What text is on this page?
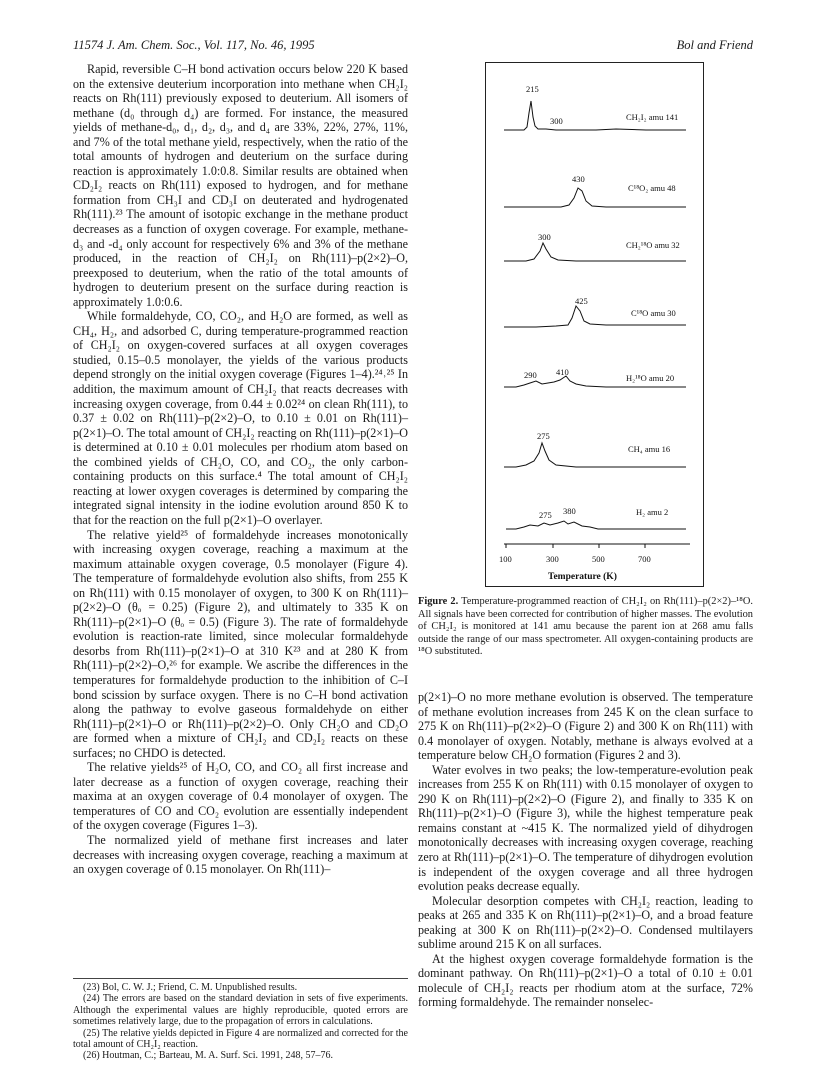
11574 J. Am. Chem. Soc., Vol. 117, No. 46, 1995	Bol and Friend

Rapid, reversible C–H bond activation occurs below 220 K based on the extensive deuterium incorporation into methane when CH₂I₂ reacts on Rh(111) previously exposed to deuterium. All isomers of methane (d₀ through d₄) are formed. For instance, the measured yields of methane-d₀, d₁, d₂, d₃, and d₄ are 33%, 22%, 27%, 11%, and 7% of the total methane yield, respectively, when the ratio of the total amounts of hydrogen and deuterium on the surface during reaction is approximately 1.0:0.8. Similar results are obtained when CD₂I₂ reacts on Rh(111) exposed to hydrogen, and for methane formation from CH₃I and CD₃I on deuterated and hydrogenated Rh(111).²³ The amount of isotopic exchange in the methane product decreases as a function of oxygen coverage. For example, methane-d₃ and -d₄ only account for respectively 6% and 3% of the methane produced, in the reaction of CH₂I₂ on Rh(111)–p(2×2)–O, preexposed to deuterium, when the ratio of the total amounts of hydrogen to deuterium present on the surface during reaction is approximately 1.0:0.6.

While formaldehyde, CO, CO₂, and H₂O are formed, as well as CH₄, H₂, and adsorbed C, during temperature-programmed reaction of CH₂I₂ on oxygen-covered surfaces at all oxygen coverages studied, 0.15–0.5 monolayer, the yields of the various products depend strongly on the initial oxygen coverage (Figures 1–4).²⁴˒²⁵ In addition, the maximum amount of CH₂I₂ that reacts decreases with increasing oxygen coverage, from 0.44 ± 0.02²⁴ on clean Rh(111), to 0.37 ± 0.02 on Rh(111)–p(2×2)–O, to 0.10 ± 0.01 on Rh(111)–p(2×1)–O. The total amount of CH₂I₂ reacting on Rh(111)–p(2×1)–O is determined at 0.10 ± 0.01 molecules per rhodium atom based on the combined yields of CH₂O, CO, and CO₂, the only carbon-containing products on this surface.⁴ The total amount of CH₂I₂ reacting at lower oxygen coverages is determined by comparing the integrated signal intensity in the iodine evolution around 850 K to that for the reaction on the full p(2×1)–O overlayer.

The relative yield²⁵ of formaldehyde increases monotonically with increasing oxygen coverage, reaching a maximum at the maximum attainable oxygen coverage, 0.5 monolayer (Figure 4). The temperature of formaldehyde evolution also shifts, from 255 K on Rh(111) with 0.15 monolayer of oxygen, to 300 K on Rh(111)–p(2×2)–O (θₒ = 0.25) (Figure 2), and ultimately to 335 K on Rh(111)–p(2×1)–O (θₒ = 0.5) (Figure 3). The rate of formaldehyde evolution is reaction-rate limited, since molecular formaldehyde desorbs from Rh(111)–p(2×1)–O at 310 K²³ and at 280 K from Rh(111)–p(2×2)–O,²⁶ for example. We ascribe the differences in the temperatures for formaldehyde production to the inhibition of C–I bond scission by surface oxygen. There is no C–H bond activation along the pathway to evolve gaseous formaldehyde on either Rh(111)–p(2×1)–O or Rh(111)–p(2×2)–O. Only CH₂O and CD₂O are formed when a mixture of CH₂I₂ and CD₂I₂ reacts on these surfaces; no CHDO is detected.

The relative yields²⁵ of H₂O, CO, and CO₂ all first increase and later decrease as a function of oxygen coverage, reaching their maxima at an oxygen coverage of 0.4 monolayer of oxygen. The temperatures of CO and CO₂ evolution are essentially independent of the oxygen coverage (Figures 1–3).

The normalized yield of methane first increases and later decreases with increasing oxygen coverage, reaching a maximum at an oxygen coverage of 0.15 monolayer. On Rh(111)–

(23) Bol, C. W. J.; Friend, C. M. Unpublished results.
(24) The errors are based on the standard deviation in sets of five experiments. Although the experimental values are highly reproducible, quoted errors are sometimes relatively large, due to the propagation of errors in calculations.
(25) The relative yields depicted in Figure 4 are normalized and corrected for the total amount of CH₂I₂ reaction.
(26) Houtman, C.; Barteau, M. A. Surf. Sci. 1991, 248, 57–76.
215
300	CH₂I₂ amu 141
430
C¹⁸O₂ amu 48
300
CH₂¹⁸O amu 32
425
C¹⁸O amu 30
290 410
H₂¹⁸O amu 20
275
CH₄ amu 16
275 380	H₂ amu 2
100	300	500	700
Temperature (K)
Figure 2. Temperature-programmed reaction of CH₂I₂ on Rh(111)–p(2×2)–¹⁸O. All signals have been corrected for contribution of higher masses. The evolution of CH₂I₂ is monitored at 141 amu because the parent ion at 268 amu falls outside the range of our mass spectrometer. All oxygen-containing products are ¹⁸O substituted.

p(2×1)–O no more methane evolution is observed. The temperature of methane evolution increases from 245 K on the clean surface to 275 K on Rh(111)–p(2×2)–O (Figure 2) and 300 K on Rh(111) with 0.4 monolayer of oxygen. Notably, methane is always evolved at a temperature below CH₂O formation (Figures 2 and 3).

Water evolves in two peaks; the low-temperature-evolution peak increases from 255 K on Rh(111) with 0.15 monolayer of oxygen to 290 K on Rh(111)–p(2×2)–O (Figure 2), and finally to 335 K on Rh(111)–p(2×1)–O (Figure 3), while the highest temperature peak remains constant at ~415 K. The normalized yield of dihydrogen monotonically decreases with increasing oxygen coverage, reaching zero at Rh(111)–p(2×1)–O. The temperature of dihydrogen evolution is independent of the oxygen coverage and all three hydrogen evolution peaks decrease equally.

Molecular desorption competes with CH₂I₂ reaction, leading to peaks at 265 and 335 K on Rh(111)–p(2×1)–O, and a broad feature peaking at 300 K on Rh(111)–p(2×2)–O. Condensed multilayers sublime around 215 K on all surfaces.

At the highest oxygen coverage formaldehyde formation is the dominant pathway. On Rh(111)–p(2×1)–O a total of 0.10 ± 0.01 molecule of CH₂I₂ reacts per rhodium atom at the surface, 72% forming formaldehyde. The remainder nonselec-
